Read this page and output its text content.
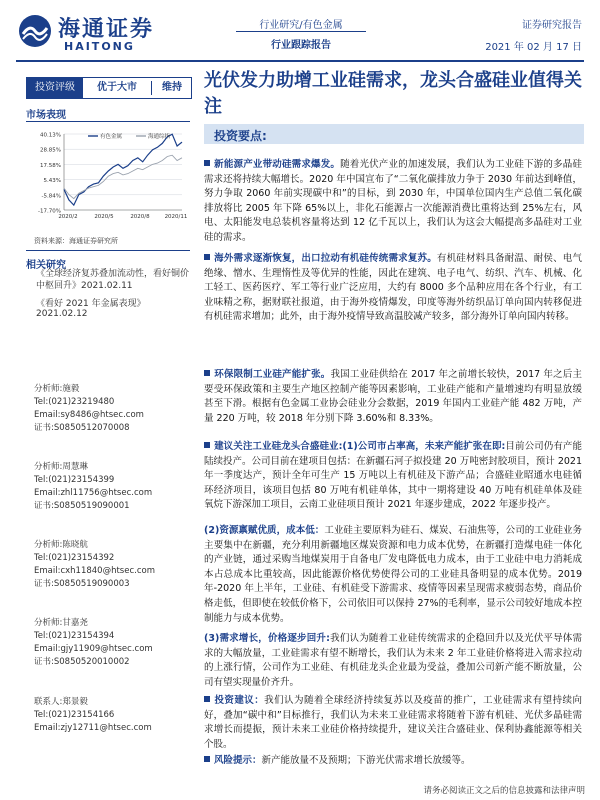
海通证券
HAITONG
行业研究/有色金属
行业跟踪报告
证券研究报告
2021 年 02 月 17 日
投资评级	优于大市	维持
市场表现
40.13%
28.85%
17.58%
5.43%
-5.84%
-17.70%
2020/2	2020/5	2020/8	2020/11
有色金属	海通综指
资料来源：海通证券研究所
相关研究
《全球经济复苏叠加流动性，看好铜价中枢回升》2021.02.11
《看好 2021 年金属表现》2021.02.12
分析师:施毅
Tel:(021)23219480
Email:sy8486@htsec.com
证书:S0850512070008
分析师:周慧琳
Tel:(021)23154399
Email:zhl11756@htsec.com
证书:S0850519090001
分析师:陈晓航
Tel:(021)23154392
Email:cxh11840@htsec.com
证书:S0850519090003
分析师:甘嘉尧
Tel:(021)23154394
Email:gjy11909@htsec.com
证书:S0850520010002
联系人:郑景毅
Tel:(021)23154166
Email:zjy12711@htsec.com
光伏发力助增工业硅需求，龙头合盛硅业值得关注
投资要点:
新能源产业带动硅需求爆发。随着光伏产业的加速发展，我们认为工业硅下游的多晶硅需求还将持续大幅增长。2020 年中国宣布了“二氧化碳排放力争于 2030 年前达到峰值，努力争取 2060 年前实现碳中和”的目标，到 2030 年，中国单位国内生产总值二氧化碳排放将比 2005 年下降 65%以上，非化石能源占一次能源消费比重将达到 25%左右，风电、太阳能发电总装机容量将达到 12 亿千瓦以上，我们认为这会大幅提高多晶硅对工业硅的需求。
海外需求逐渐恢复，出口拉动有机硅传统需求复苏。有机硅材料具备耐温、耐侯、电气绝缘、憎水、生理惰性及等优异的性能，因此在建筑、电子电气、纺织、汽车、机械、化工轻工、医药医疗、军工等行业广泛应用，大约有 8000 多个品种应用在各个行业，有工业味精之称，据财联社报道，由于海外疫情爆发，印度等海外纺织品订单向国内转移促进有机硅需求增加；此外，由于海外疫情导致高温胶减产较多，部分海外订单向国内转移。
环保限制工业硅产能扩张。我国工业硅供给在 2017 年之前增长较快，2017 年之后主要受环保政策和主要生产地区控制产能等因素影响，工业硅产能和产量增速均有明显放缓甚至下滑。根据有色金属工业协会硅业分会数据，2019 年国内工业硅产能 482 万吨，产量 220 万吨，较 2018 年分别下降 3.60%和 8.33%。
建议关注工业硅龙头合盛硅业:(1)公司市占率高，未来产能扩张在即:目前公司仍有产能陆续投产。公司目前在建项目包括：在新疆石河子拟投建 20 万吨密封胶项目，预计 2021 年一季度达产，预计全年可生产 15 万吨以上有机硅及下游产品；合盛硅业昭通水电硅循环经济项目，该项目包括 80 万吨有机硅单体，其中一期将建设 40 万吨有机硅单体及硅氧烷下游深加工项目，云南工业硅项目预计 2021 年逐步建成，2022 年逐步投产。
(2)资源禀赋优质，成本低：工业硅主要原料为硅石、煤炭、石油焦等，公司的工业硅业务主要集中在新疆，充分利用新疆地区煤炭资源和电力成本优势，在新疆打造煤电硅一体化的产业链，通过采购当地煤炭用于自备电厂发电降低电力成本，由于工业硅中电力消耗成本占总成本比重较高，因此能源价格优势使得公司的工业硅具备明显的成本优势。2019 年-2020 年上半年，工业硅、有机硅受下游需求、疫情等因素呈现需求疲弱态势，商品价格走低，但即使在较低价格下，公司依旧可以保持 27%的毛利率，显示公司较好地成本控制能力与成本优势。
(3)需求增长，价格逐步回升:我们认为随着工业硅传统需求的企稳回升以及光伏平导体需求的大幅放量，工业硅需求有望不断增长，我们认为未来 2 年工业硅价格将进入需求拉动的上涨行情，公司作为工业硅、有机硅龙头企业最为受益，叠加公司新产能不断放量，公司有望实现量价齐升。
投资建议：我们认为随着全球经济持续复苏以及疫苗的推广，工业硅需求有望持续向好，叠加“碳中和”目标推行，我们认为未来工业硅需求将随着下游有机硅、光伏多晶硅需求增长而提振，预计未来工业硅价格持续提升，建议关注合盛硅业、保利协鑫能源等相关个股。
风险提示：新产能放量不及预期；下游光伏需求增长放缓等。
请务必阅读正文之后的信息披露和法律声明
